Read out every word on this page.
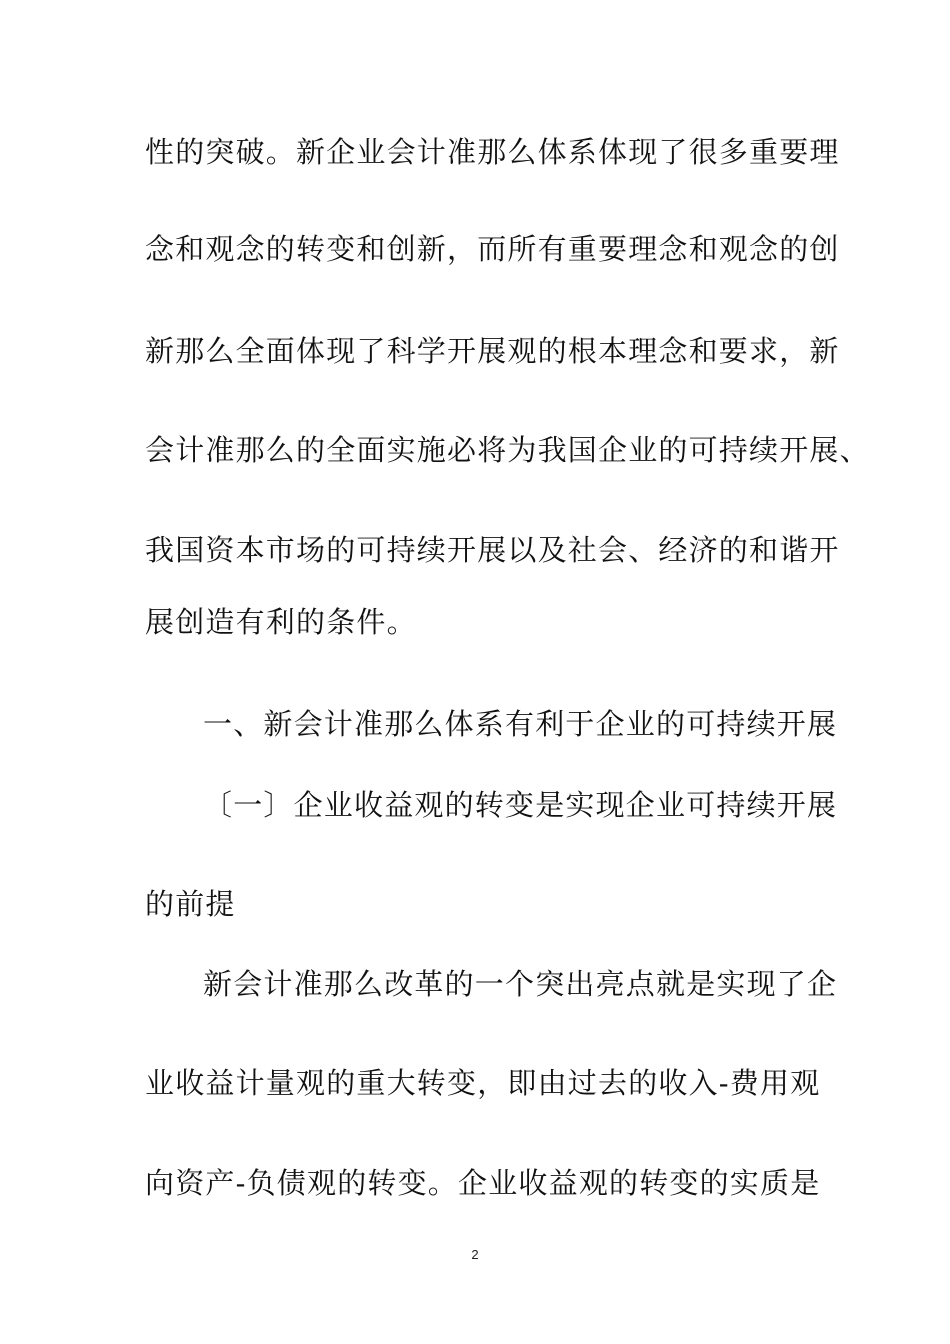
性的突破。新企业会计准那么体系体现了很多重要理
念和观念的转变和创新，而所有重要理念和观念的创
新那么全面体现了科学开展观的根本理念和要求，新
会计准那么的全面实施必将为我国企业的可持续开展、
我国资本市场的可持续开展以及社会、经济的和谐开
展创造有利的条件。
一、新会计准那么体系有利于企业的可持续开展
〔一〕企业收益观的转变是实现企业可持续开展
的前提
新会计准那么改革的一个突出亮点就是实现了企
业收益计量观的重大转变，即由过去的收入-费用观
向资产-负债观的转变。企业收益观的转变的实质是
2
